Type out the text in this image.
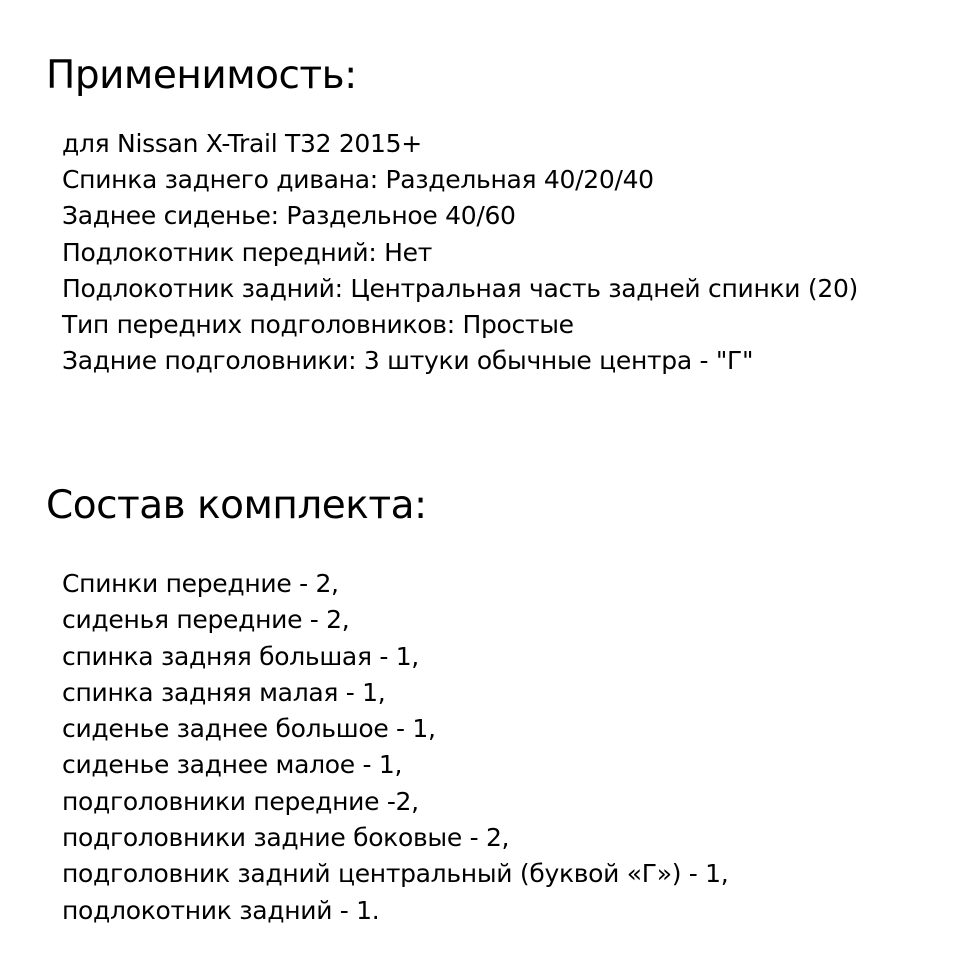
Применимость:
для Nissan X-Trail T32 2015+
Спинка заднего дивана: Раздельная 40/20/40
Заднее сиденье: Раздельное 40/60
Подлокотник передний: Нет
Подлокотник задний: Центральная часть задней спинки (20)
Тип передних подголовников: Простые
Задние подголовники: 3 штуки обычные центра - "Г"
Состав комплекта:
Спинки передние - 2,
сиденья передние - 2,
спинка задняя большая - 1,
спинка задняя малая - 1,
сиденье заднее большое - 1,
сиденье заднее малое - 1,
подголовники передние -2,
подголовники задние боковые - 2,
подголовник задний центральный (буквой «Г») - 1,
подлокотник задний - 1.
